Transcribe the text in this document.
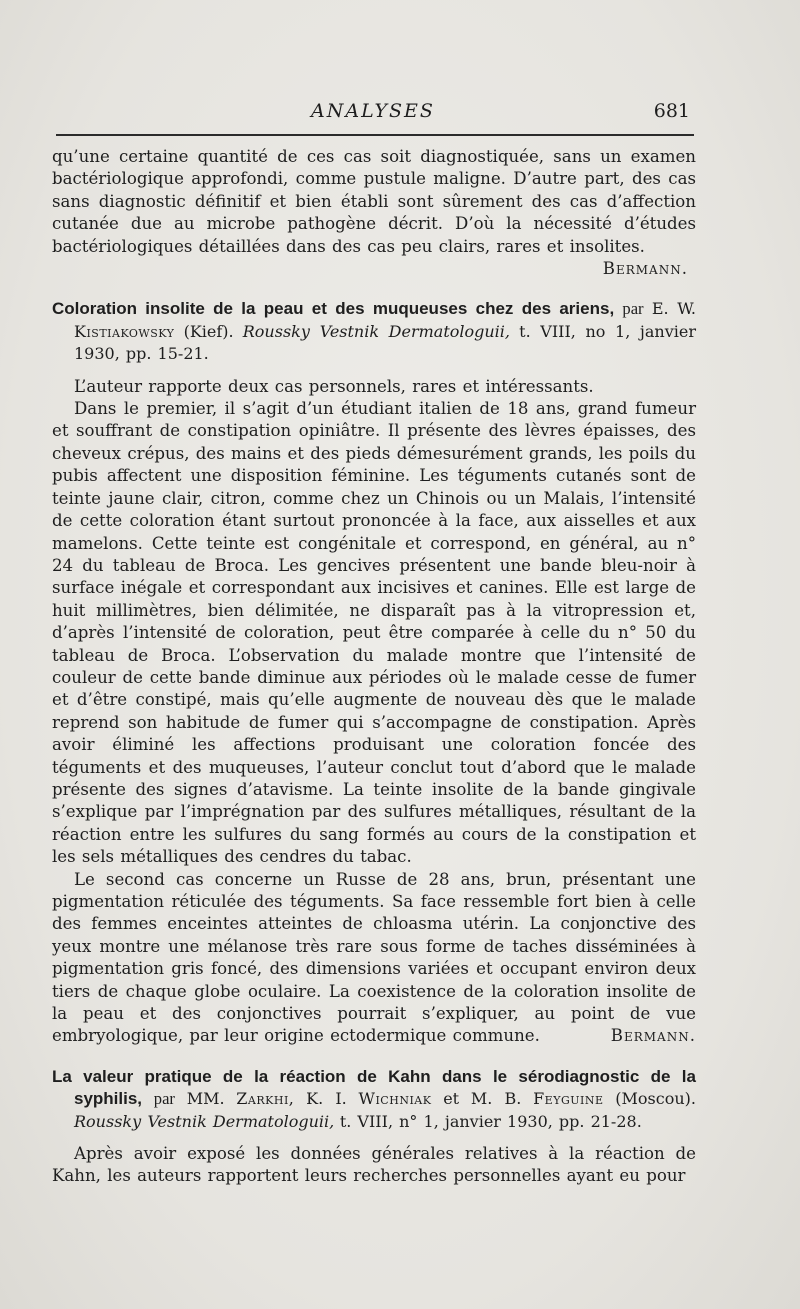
ANALYSES	681

qu’une certaine quantité de ces cas soit diagnostiquée, sans un examen bactériologique approfondi, comme pustule maligne. D’autre part, des cas sans diagnostic définitif et bien établi sont sûrement des cas d’affection cutanée due au microbe pathogène décrit. D’où la nécessité d’études bactériologiques détaillées dans des cas peu clairs, rares et insolites.

Bermann.

Coloration insolite de la peau et des muqueuses chez des ariens, par E. W. Kistiakowsky (Kief). Rousskу Vestnik Dermatologuii, t. VIII, no 1, janvier 1930, pp. 15-21.

L’auteur rapporte deux cas personnels, rares et intéressants.

Dans le premier, il s’agit d’un étudiant italien de 18 ans, grand fumeur et souffrant de constipation opiniâtre. Il présente des lèvres épaisses, des cheveux crépus, des mains et des pieds démesurément grands, les poils du pubis affectent une disposition féminine. Les téguments cutanés sont de teinte jaune clair, citron, comme chez un Chinois ou un Malais, l’intensité de cette coloration étant surtout prononcée à la face, aux aisselles et aux mamelons. Cette teinte est congénitale et correspond, en général, au n° 24 du tableau de Broca. Les gencives présentent une bande bleu-noir à surface inégale et correspondant aux incisives et canines. Elle est large de huit millimètres, bien délimitée, ne disparaît pas à la vitropression et, d’après l’intensité de coloration, peut être comparée à celle du n° 50 du tableau de Broca. L’observation du malade montre que l’intensité de couleur de cette bande diminue aux périodes où le malade cesse de fumer et d’être constipé, mais qu’elle augmente de nouveau dès que le malade reprend son habitude de fumer qui s’accompagne de constipation. Après avoir éliminé les affections produisant une coloration foncée des téguments et des muqueuses, l’auteur conclut tout d’abord que le malade présente des signes d’atavisme. La teinte insolite de la bande gingivale s’explique par l’imprégnation par des sulfures métalliques, résultant de la réaction entre les sulfures du sang formés au cours de la constipation et les sels métalliques des cendres du tabac.

Le second cas concerne un Russe de 28 ans, brun, présentant une pigmentation réticulée des téguments. Sa face ressemble fort bien à celle des femmes enceintes atteintes de chloasma utérin. La conjonctive des yeux montre une mélanose très rare sous forme de taches disséminées à pigmentation gris foncé, des dimensions variées et occupant environ deux tiers de chaque globe oculaire. La coexistence de la coloration insolite de la peau et des conjonctives pourrait s’expliquer, au point de vue embryologique, par leur origine ectodermique commune.	Bermann.

La valeur pratique de la réaction de Kahn dans le sérodiagnostic de la syphilis, par MM. Zarkhi, K. I. Wichniak et M. B. Feyguine (Moscou). Rousskу Vestnik Dermatologuii, t. VIII, n° 1, janvier 1930, pp. 21-28.

Après avoir exposé les données générales relatives à la réaction de Kahn, les auteurs rapportent leurs recherches personnelles ayant eu pour
